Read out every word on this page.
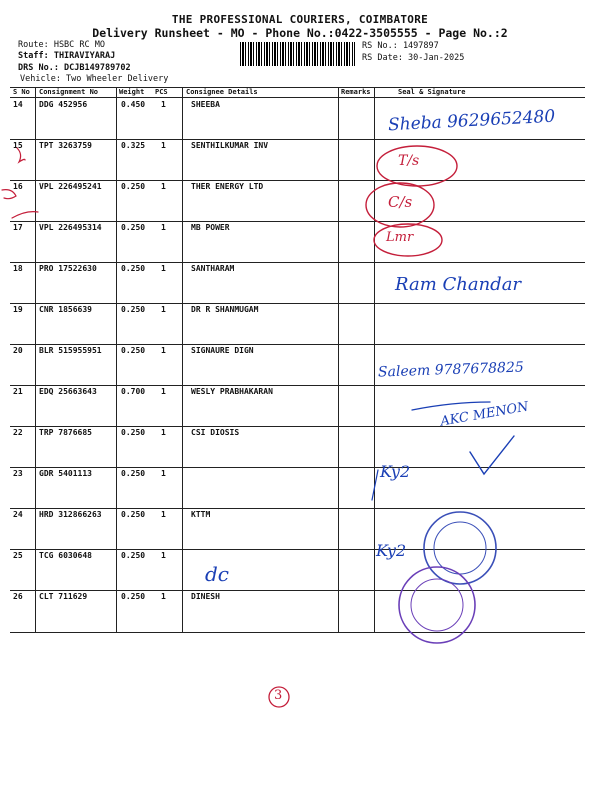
THE PROFESSIONAL COURIERS, COIMBATORE
Delivery Runsheet - MO - Phone No.:0422-3505555 - Page No.:2
Route: HSBC RC MO
Staff: THIRAVIYARAJ
DRS No.: DCJB149789702
Vehicle: Two Wheeler Delivery
RS No.: 1497897
RS Date: 30-Jan-2025
S No Consignment No	Weight PCS	Consignee Details	Remarks	Seal & Signature
14 DDG 452956	0.450 1	SHEEBA
15 TPT 3263759	0.325 1	SENTHILKUMAR INV
16 VPL 226495241 0.250 1	THER ENERGY LTD
17 VPL 226495314 0.250 1	MB POWER
18 PRO 17522630	0.250 1	SANTHARAM
19 CNR 1856639	0.250 1	DR R SHANMUGAM
20 BLR 515955951 0.250 1	SIGNAURE DIGN
21 EDQ 25663643	0.700 1	WESLY PRABHAKARAN
22 TRP 7876685	0.250 1	CSI DIOSIS
23 GDR 5401113	0.250 1
24 HRD 312866263 0.250 1	KTTM
25 TCG 6030648	0.250 1
26 CLT 711629	0.250 1	DINESH
Sheba 9629652480
T/s
C/s
Lmr
Ram Chandar
Saleem 9787678825
AKC MENON
Ky2
Ky2
dc
3
